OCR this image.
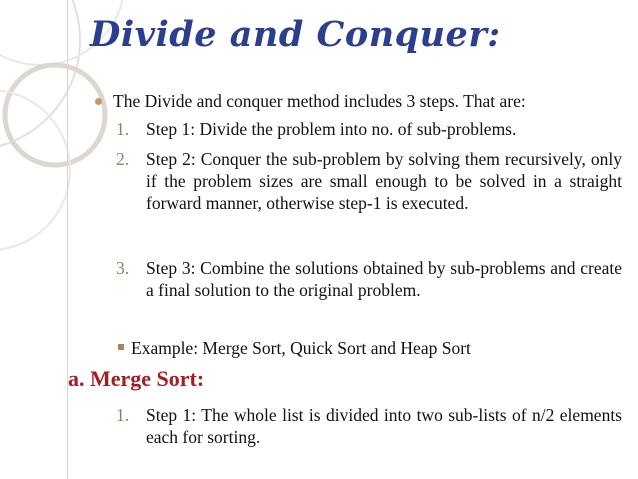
Divide and Conquer:
The Divide and conquer method includes 3 steps. That are:
1. Step 1: Divide the problem into no. of sub-problems.
2. Step 2: Conquer the sub-problem by solving them recursively, only if the problem sizes are small enough to be solved in a straight forward manner, otherwise step-1 is executed.
3. Step 3: Combine the solutions obtained by sub-problems and create a final solution to the original problem.
Example: Merge Sort, Quick Sort and Heap Sort
a. Merge Sort:
1. Step 1: The whole list is divided into two sub-lists of n/2 elements each for sorting.
